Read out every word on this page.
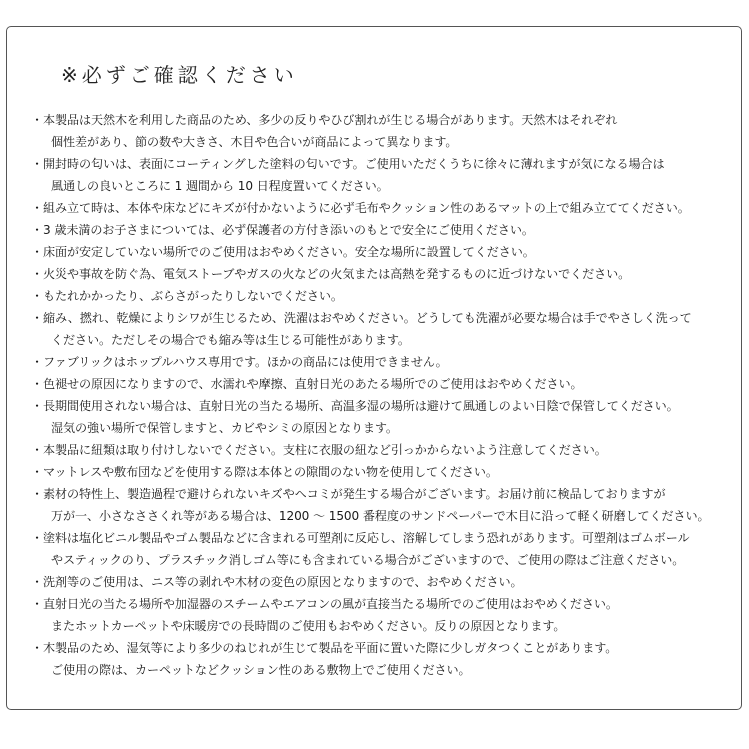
※必ずご確認ください
・本製品は天然木を利用した商品のため、多少の反りやひび割れが生じる場合があります。天然木はそれぞれ
個性差があり、節の数や大きさ、木目や色合いが商品によって異なります。
・開封時の匂いは、表面にコーティングした塗料の匂いです。ご使用いただくうちに徐々に薄れますが気になる場合は
風通しの良いところに 1 週間から 10 日程度置いてください。
・組み立て時は、本体や床などにキズが付かないように必ず毛布やクッション性のあるマットの上で組み立ててください。
・3 歳未満のお子さまについては、必ず保護者の方付き添いのもとで安全にご使用ください。
・床面が安定していない場所でのご使用はおやめください。安全な場所に設置してください。
・火災や事故を防ぐ為、電気ストーブやガスの火などの火気または高熱を発するものに近づけないでください。
・もたれかかったり、ぶらさがったりしないでください。
・縮み、撚れ、乾燥によりシワが生じるため、洗濯はおやめください。どうしても洗濯が必要な場合は手でやさしく洗って
ください。ただしその場合でも縮み等は生じる可能性があります。
・ファブリックはホップルハウス専用です。ほかの商品には使用できません。
・色褪せの原因になりますので、水濡れや摩擦、直射日光のあたる場所でのご使用はおやめください。
・長期間使用されない場合は、直射日光の当たる場所、高温多湿の場所は避けて風通しのよい日陰で保管してください。
湿気の強い場所で保管しますと、カビやシミの原因となります。
・本製品に紐類は取り付けしないでください。支柱に衣服の紐など引っかからないよう注意してください。
・マットレスや敷布団などを使用する際は本体との隙間のない物を使用してください。
・素材の特性上、製造過程で避けられないキズやヘコミが発生する場合がございます。お届け前に検品しておりますが
万が一、小さなささくれ等がある場合は、1200 ～ 1500 番程度のサンドペーパーで木目に沿って軽く研磨してください。
・塗料は塩化ビニル製品やゴム製品などに含まれる可塑剤に反応し、溶解してしまう恐れがあります。可塑剤はゴムボール
やスティックのり、プラスチック消しゴム等にも含まれている場合がございますので、ご使用の際はご注意ください。
・洗剤等のご使用は、ニス等の剥れや木材の変色の原因となりますので、おやめください。
・直射日光の当たる場所や加湿器のスチームやエアコンの風が直接当たる場所でのご使用はおやめください。
またホットカーペットや床暖房での長時間のご使用もおやめください。反りの原因となります。
・木製品のため、湿気等により多少のねじれが生じて製品を平面に置いた際に少しガタつくことがあります。
ご使用の際は、カーペットなどクッション性のある敷物上でご使用ください。
